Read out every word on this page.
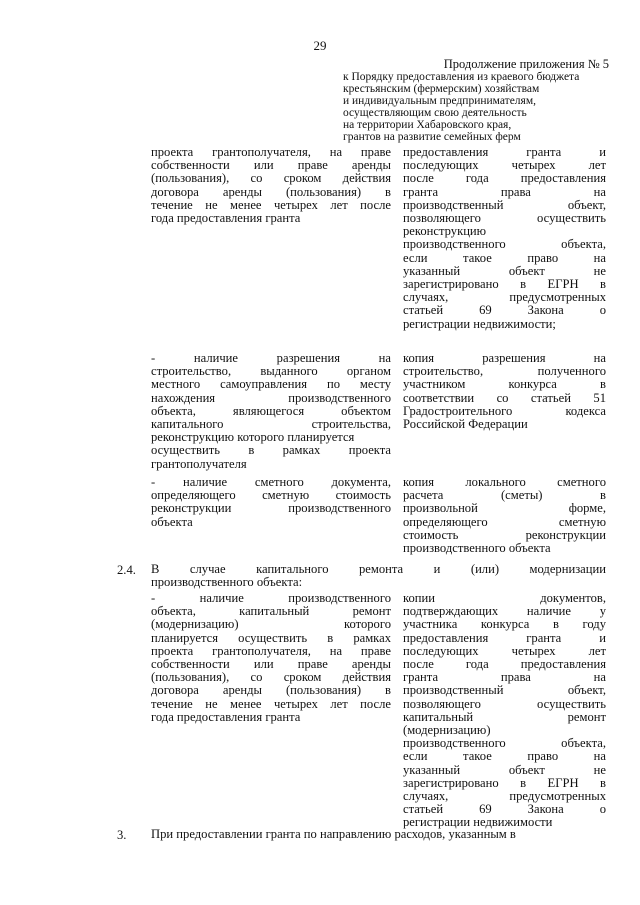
29
Продолжение приложения № 5
к Порядку предоставления из краевого бюджета
крестьянским (фермерским) хозяйствам
и индивидуальным предпринимателям,
осуществляющим свою деятельность
на территории Хабаровского края,
грантов на развитие семейных ферм
проекта грантополучателя, на праве
собственности или праве аренды
(пользования), со сроком действия
договора аренды (пользования) в
течение не менее четырех лет после
года предоставления гранта
предоставления гранта и
последующих четырех лет
после года предоставления
гранта права на
производственный объект,
позволяющего осуществить
реконструкцию
производственного объекта,
если такое право на
указанный объект не
зарегистрировано в ЕГРН в
случаях, предусмотренных
статьей 69 Закона о
регистрации недвижимости;
- наличие разрешения на
строительство, выданного органом
местного самоуправления по месту
нахождения производственного
объекта, являющегося объектом
капитального строительства,
реконструкцию которого планируется
осуществить в рамках проекта
грантополучателя
копия разрешения на
строительство, полученного
участником конкурса в
соответствии со статьей 51
Градостроительного кодекса
Российской Федерации
- наличие сметного документа,
определяющего сметную стоимость
реконструкции производственного
объекта
копия локального сметного
расчета (сметы) в
произвольной форме,
определяющего сметную
стоимость реконструкции
производственного объекта
2.4. В случае капитального ремонта и (или) модернизации
производственного объекта:
- наличие производственного
объекта, капитальный ремонт
(модернизацию) которого
планируется осуществить в рамках
проекта грантополучателя, на праве
собственности или праве аренды
(пользования), со сроком действия
договора аренды (пользования) в
течение не менее четырех лет после
года предоставления гранта
копии документов,
подтверждающих наличие у
участника конкурса в году
предоставления гранта и
последующих четырех лет
после года предоставления
гранта права на
производственный объект,
позволяющего осуществить
капитальный ремонт
(модернизацию)
производственного объекта,
если такое право на
указанный объект не
зарегистрировано в ЕГРН в
случаях, предусмотренных
статьей 69 Закона о
регистрации недвижимости
3. При предоставлении гранта по направлению расходов, указанным в
